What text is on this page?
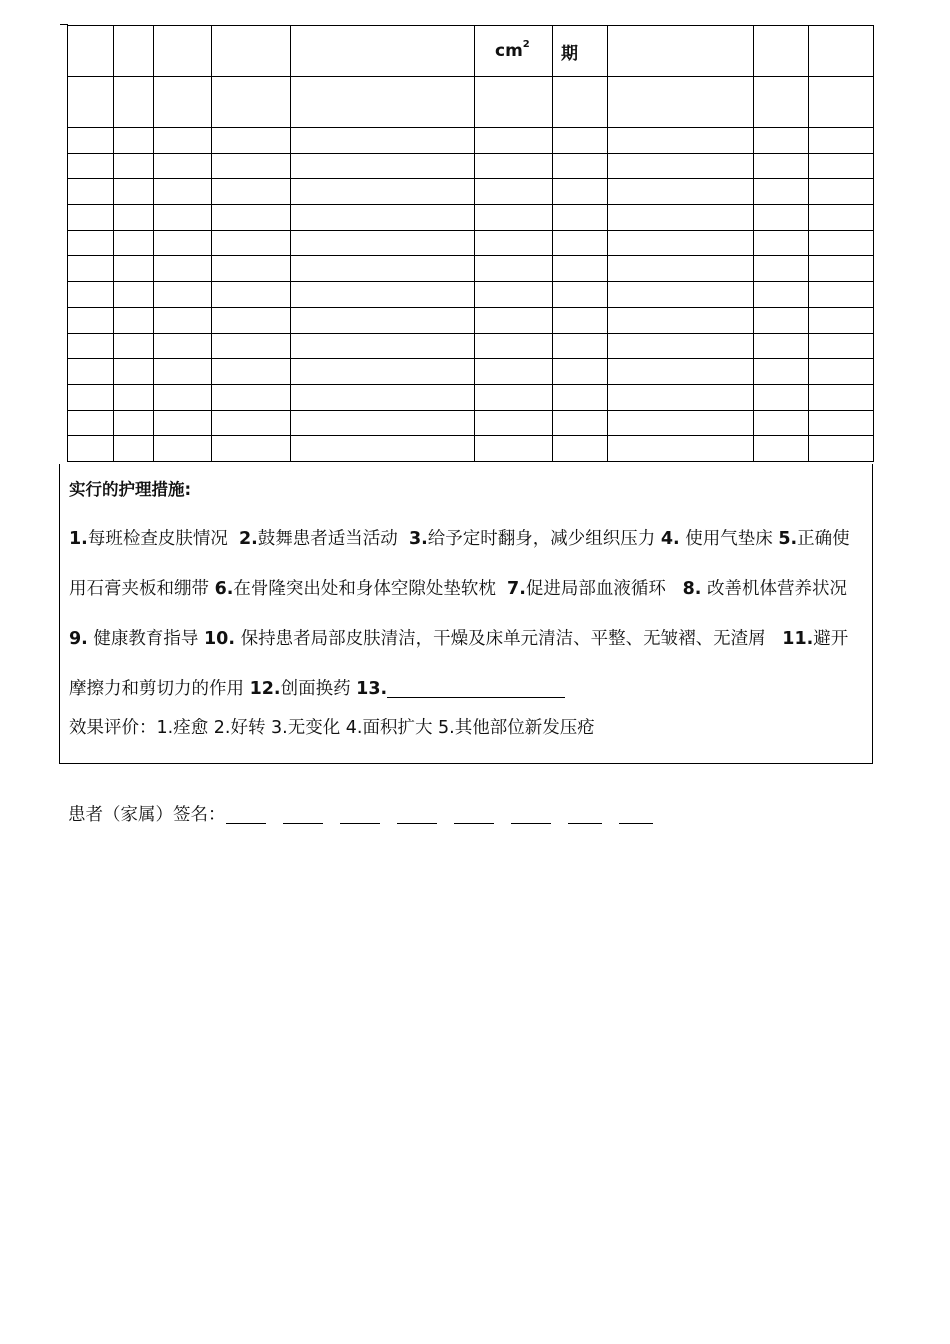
					$cm^2$	期			

实行的护理措施:

1.每班检查皮肤情况 2.鼓舞患者适当活动 3.给予定时翻身，减少组织压力 4. 使用气垫床 5.正确使用石膏夹板和绷带 6.在骨隆突出处和身体空隙处垫软枕 7.促进局部血液循环 8. 改善机体营养状况 9. 健康教育指导 10. 保持患者局部皮肤清洁，干燥及床单元清洁、平整、无皱褶、无渣屑 11.避开摩擦力和剪切力的作用 12.创面换药 13.

效果评价：1.痊愈 2.好转 3.无变化 4.面积扩大 5.其他部位新发压疮

患者（家属）签名：
